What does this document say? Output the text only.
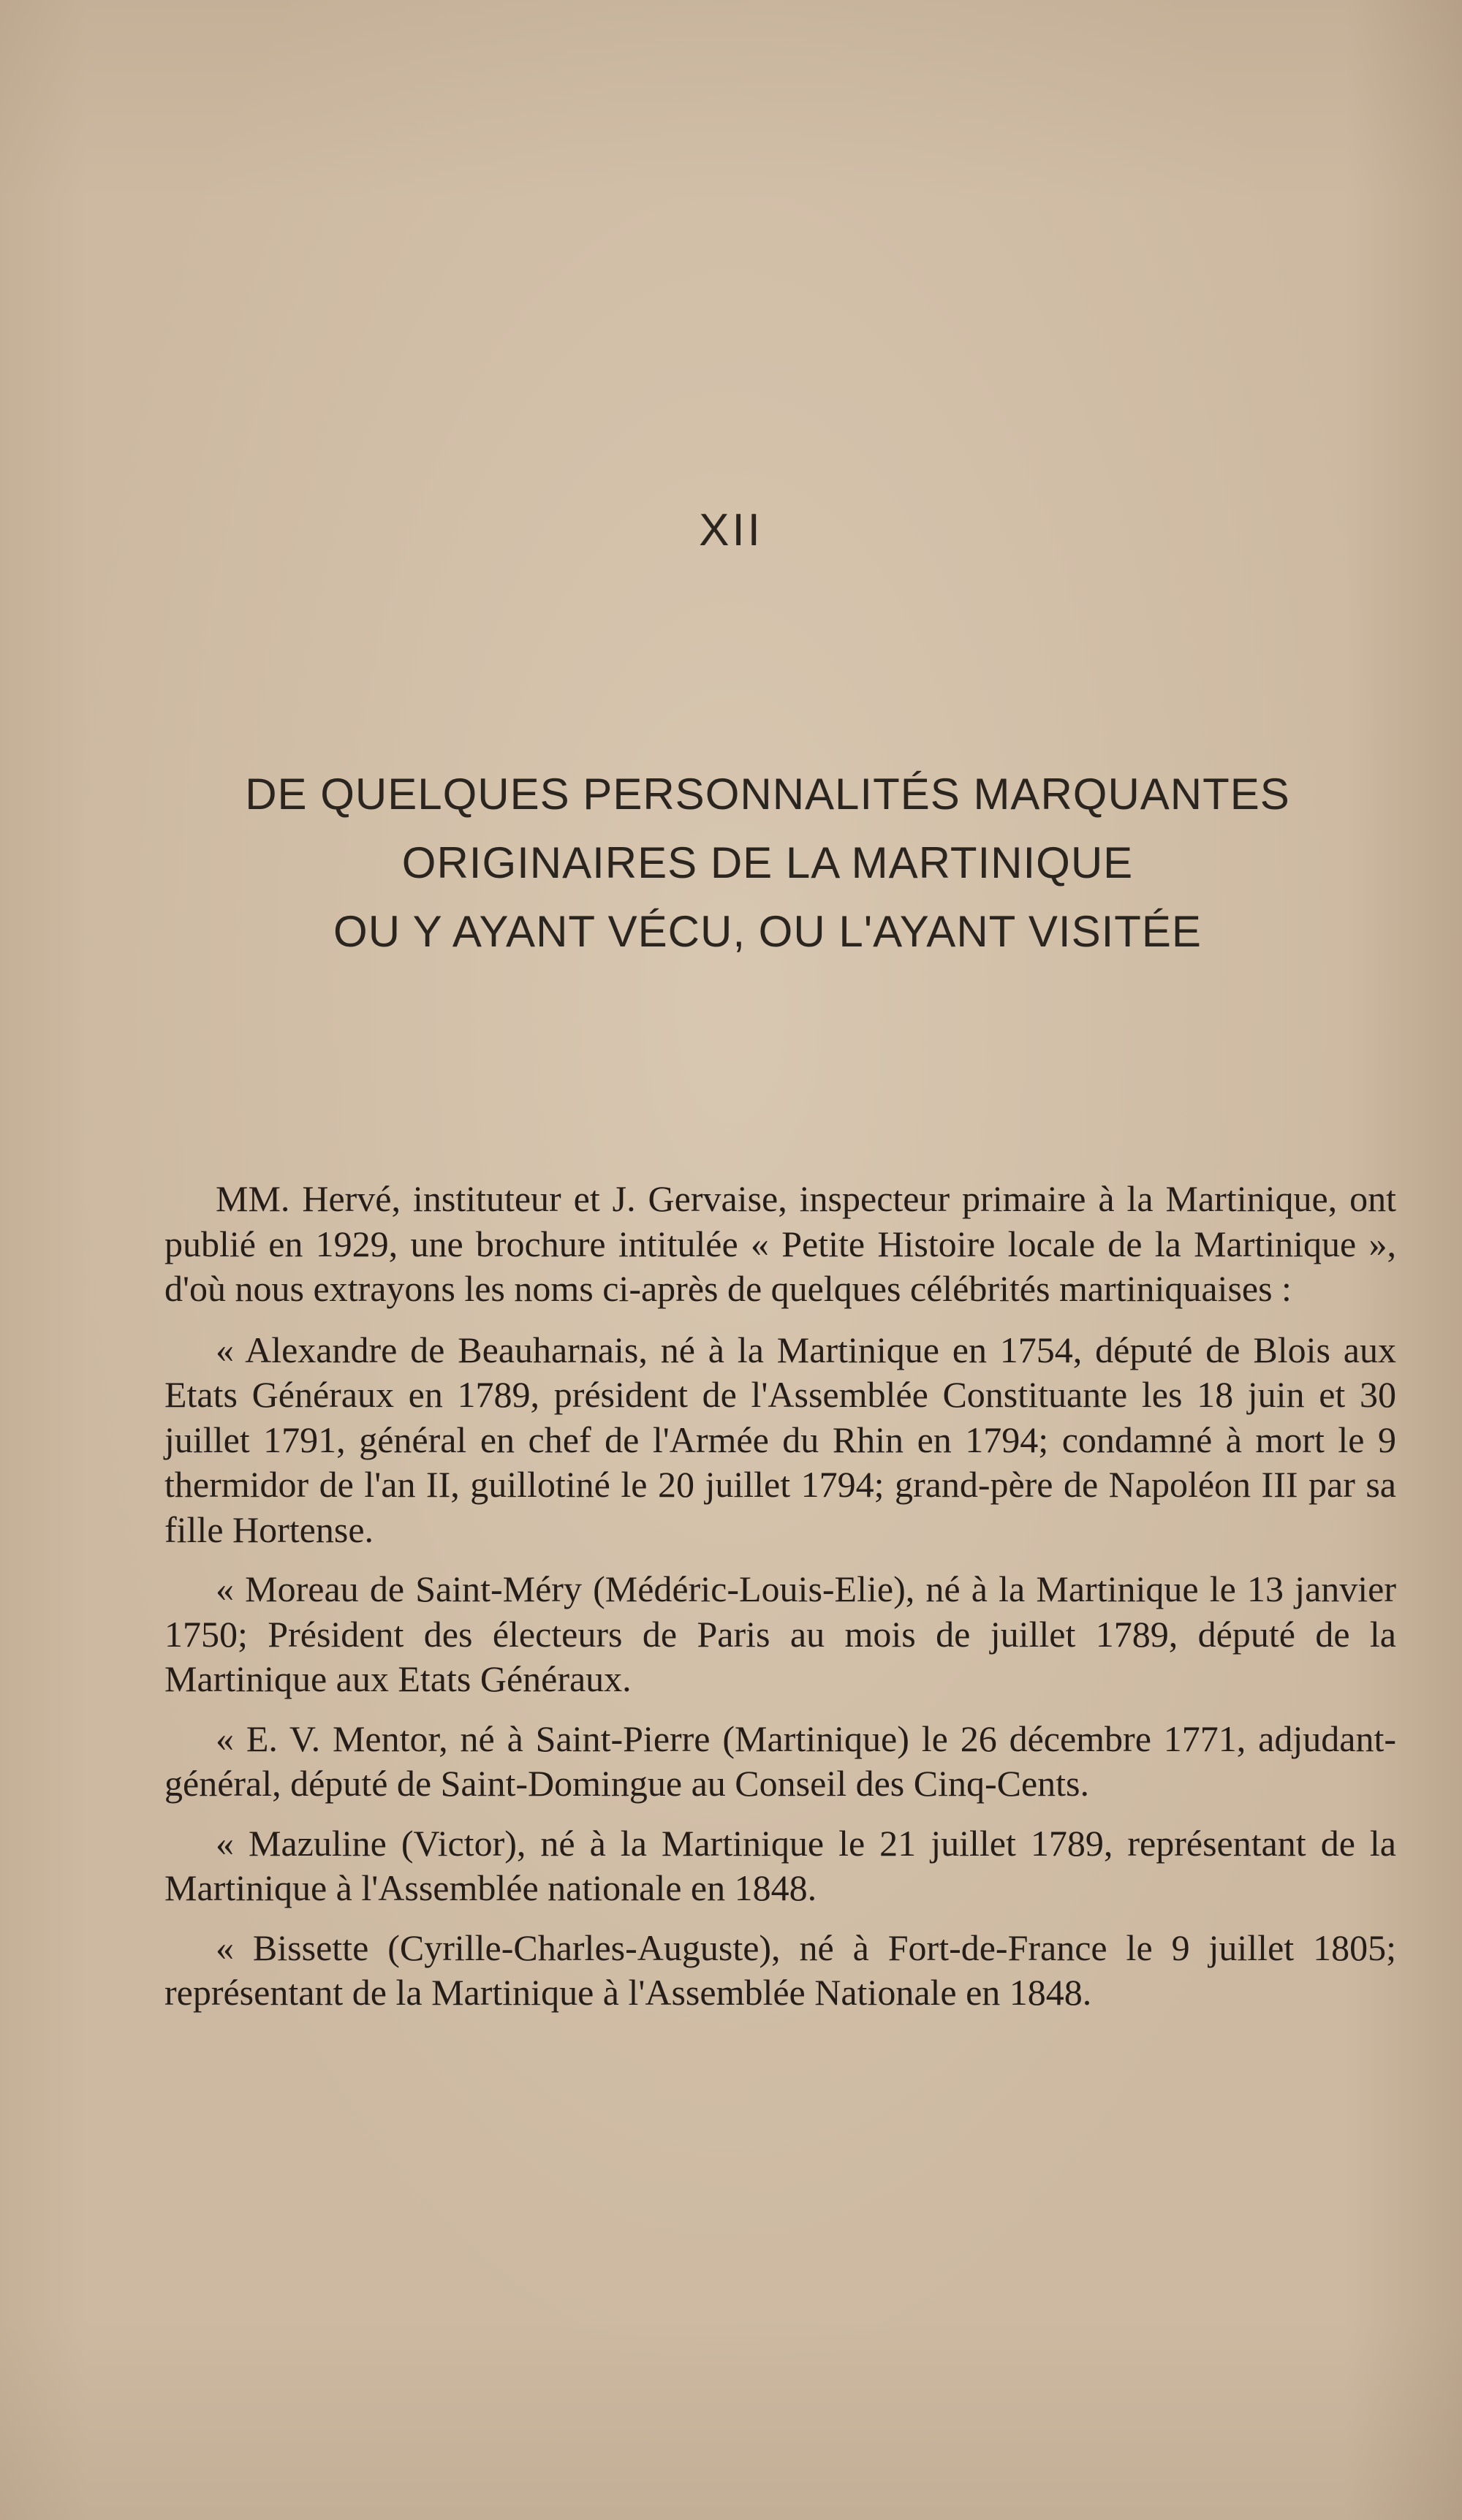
XII
DE QUELQUES PERSONNALITÉS MARQUANTES
ORIGINAIRES DE LA MARTINIQUE
OU Y AYANT VÉCU, OU L'AYANT VISITÉE

MM. Hervé, instituteur et J. Gervaise, inspecteur primaire à la Martinique, ont publié en 1929, une brochure intitulée « Petite Histoire locale de la Martinique », d'où nous extrayons les noms ci-après de quelques célébrités martiniquaises :

« Alexandre de Beauharnais, né à la Martinique en 1754, député de Blois aux Etats Généraux en 1789, président de l'Assemblée Constituante les 18 juin et 30 juillet 1791, général en chef de l'Armée du Rhin en 1794; condamné à mort le 9 thermidor de l'an II, guillotiné le 20 juillet 1794; grand-père de Napoléon III par sa fille Hortense.

« Moreau de Saint-Méry (Médéric-Louis-Elie), né à la Martinique le 13 janvier 1750; Président des électeurs de Paris au mois de juillet 1789, député de la Martinique aux Etats Généraux.

« E. V. Mentor, né à Saint-Pierre (Martinique) le 26 décembre 1771, adjudant-général, député de Saint-Domingue au Conseil des Cinq-Cents.

« Mazuline (Victor), né à la Martinique le 21 juillet 1789, représentant de la Martinique à l'Assemblée nationale en 1848.

« Bissette (Cyrille-Charles-Auguste), né à Fort-de-France le 9 juillet 1805; représentant de la Martinique à l'Assemblée Nationale en 1848.
